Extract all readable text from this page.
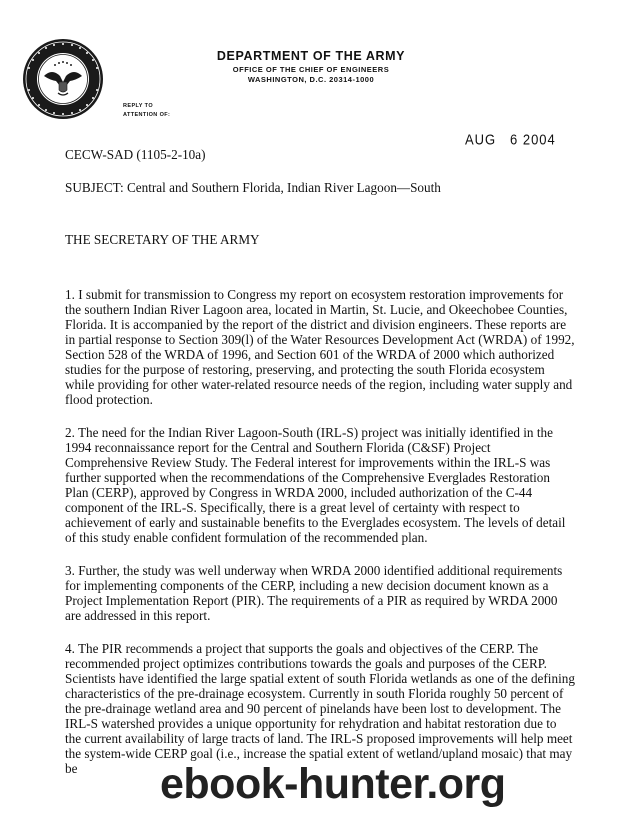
DEPARTMENT OF THE ARMY
OFFICE OF THE CHIEF OF ENGINEERS
WASHINGTON, D.C. 20314-1000
REPLY TO
ATTENTION OF:
AUG   6 2004
CECW-SAD (1105-2-10a)
SUBJECT: Central and Southern Florida, Indian River Lagoon—South
THE SECRETARY OF THE ARMY

1. I submit for transmission to Congress my report on ecosystem restoration improvements for the southern Indian River Lagoon area, located in Martin, St. Lucie, and Okeechobee Counties, Florida. It is accompanied by the report of the district and division engineers. These reports are in partial response to Section 309(l) of the Water Resources Development Act (WRDA) of 1992, Section 528 of the WRDA of 1996, and Section 601 of the WRDA of 2000 which authorized studies for the purpose of restoring, preserving, and protecting the south Florida ecosystem while providing for other water-related resource needs of the region, including water supply and flood protection.

2. The need for the Indian River Lagoon-South (IRL-S) project was initially identified in the 1994 reconnaissance report for the Central and Southern Florida (C&SF) Project Comprehensive Review Study. The Federal interest for improvements within the IRL-S was further supported when the recommendations of the Comprehensive Everglades Restoration Plan (CERP), approved by Congress in WRDA 2000, included authorization of the C-44 component of the IRL-S. Specifically, there is a great level of certainty with respect to achievement of early and sustainable benefits to the Everglades ecosystem. The levels of detail of this study enable confident formulation of the recommended plan.

3. Further, the study was well underway when WRDA 2000 identified additional requirements for implementing components of the CERP, including a new decision document known as a Project Implementation Report (PIR). The requirements of a PIR as required by WRDA 2000 are addressed in this report.

4. The PIR recommends a project that supports the goals and objectives of the CERP. The recommended project optimizes contributions towards the goals and purposes of the CERP. Scientists have identified the large spatial extent of south Florida wetlands as one of the defining characteristics of the pre-drainage ecosystem. Currently in south Florida roughly 50 percent of the pre-drainage wetland area and 90 percent of pinelands have been lost to development. The IRL-S watershed provides a unique opportunity for rehydration and habitat restoration due to the current availability of large tracts of land. The IRL-S proposed improvements will help meet the system-wide CERP goal (i.e., increase the spatial extent of wetland/upland mosaic) that may be	ebook-hunter.org
